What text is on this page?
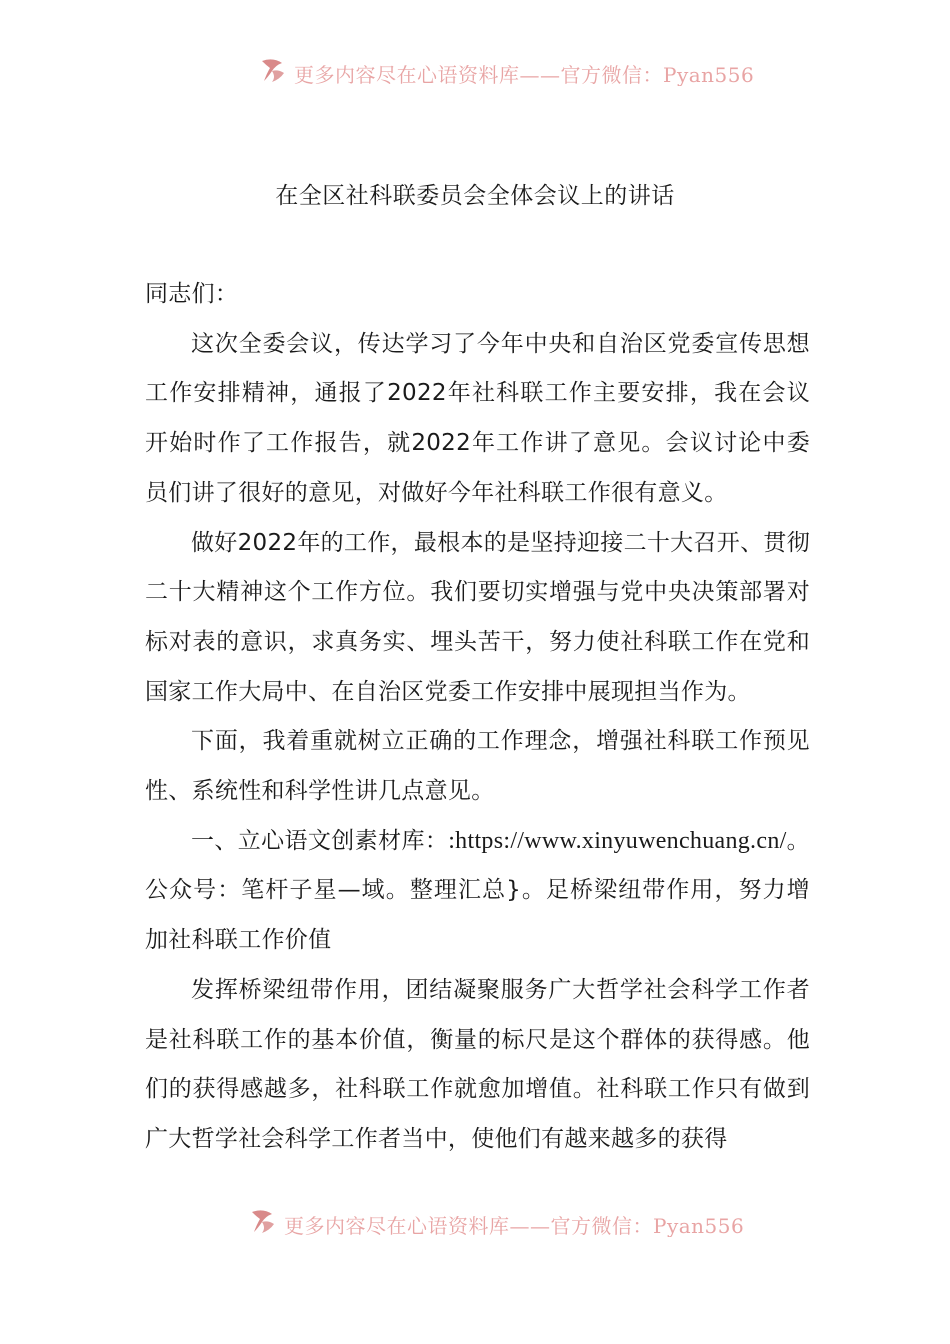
更多内容尽在心语资料库——官方微信：Pyan556
在全区社科联委员会全体会议上的讲话

同志们：

这次全委会议，传达学习了今年中央和自治区党委宣传思想工作安排精神，通报了2022年社科联工作主要安排，我在会议开始时作了工作报告，就2022年工作讲了意见。会议讨论中委员们讲了很好的意见，对做好今年社科联工作很有意义。

做好2022年的工作，最根本的是坚持迎接二十大召开、贯彻二十大精神这个工作方位。我们要切实增强与党中央决策部署对标对表的意识，求真务实、埋头苦干，努力使社科联工作在党和国家工作大局中、在自治区党委工作安排中展现担当作为。

下面，我着重就树立正确的工作理念，增强社科联工作预见性、系统性和科学性讲几点意见。

一、立心语文创素材库：:https://www.xinyuwenchuang.cn/。公众号：笔杆子星—域。整理汇总}。足桥梁纽带作用，努力增加社科联工作价值

发挥桥梁纽带作用，团结凝聚服务广大哲学社会科学工作者是社科联工作的基本价值，衡量的标尺是这个群体的获得感。他们的获得感越多，社科联工作就愈加增值。社科联工作只有做到广大哲学社会科学工作者当中，使他们有越来越多的获得

更多内容尽在心语资料库——官方微信：Pyan556
